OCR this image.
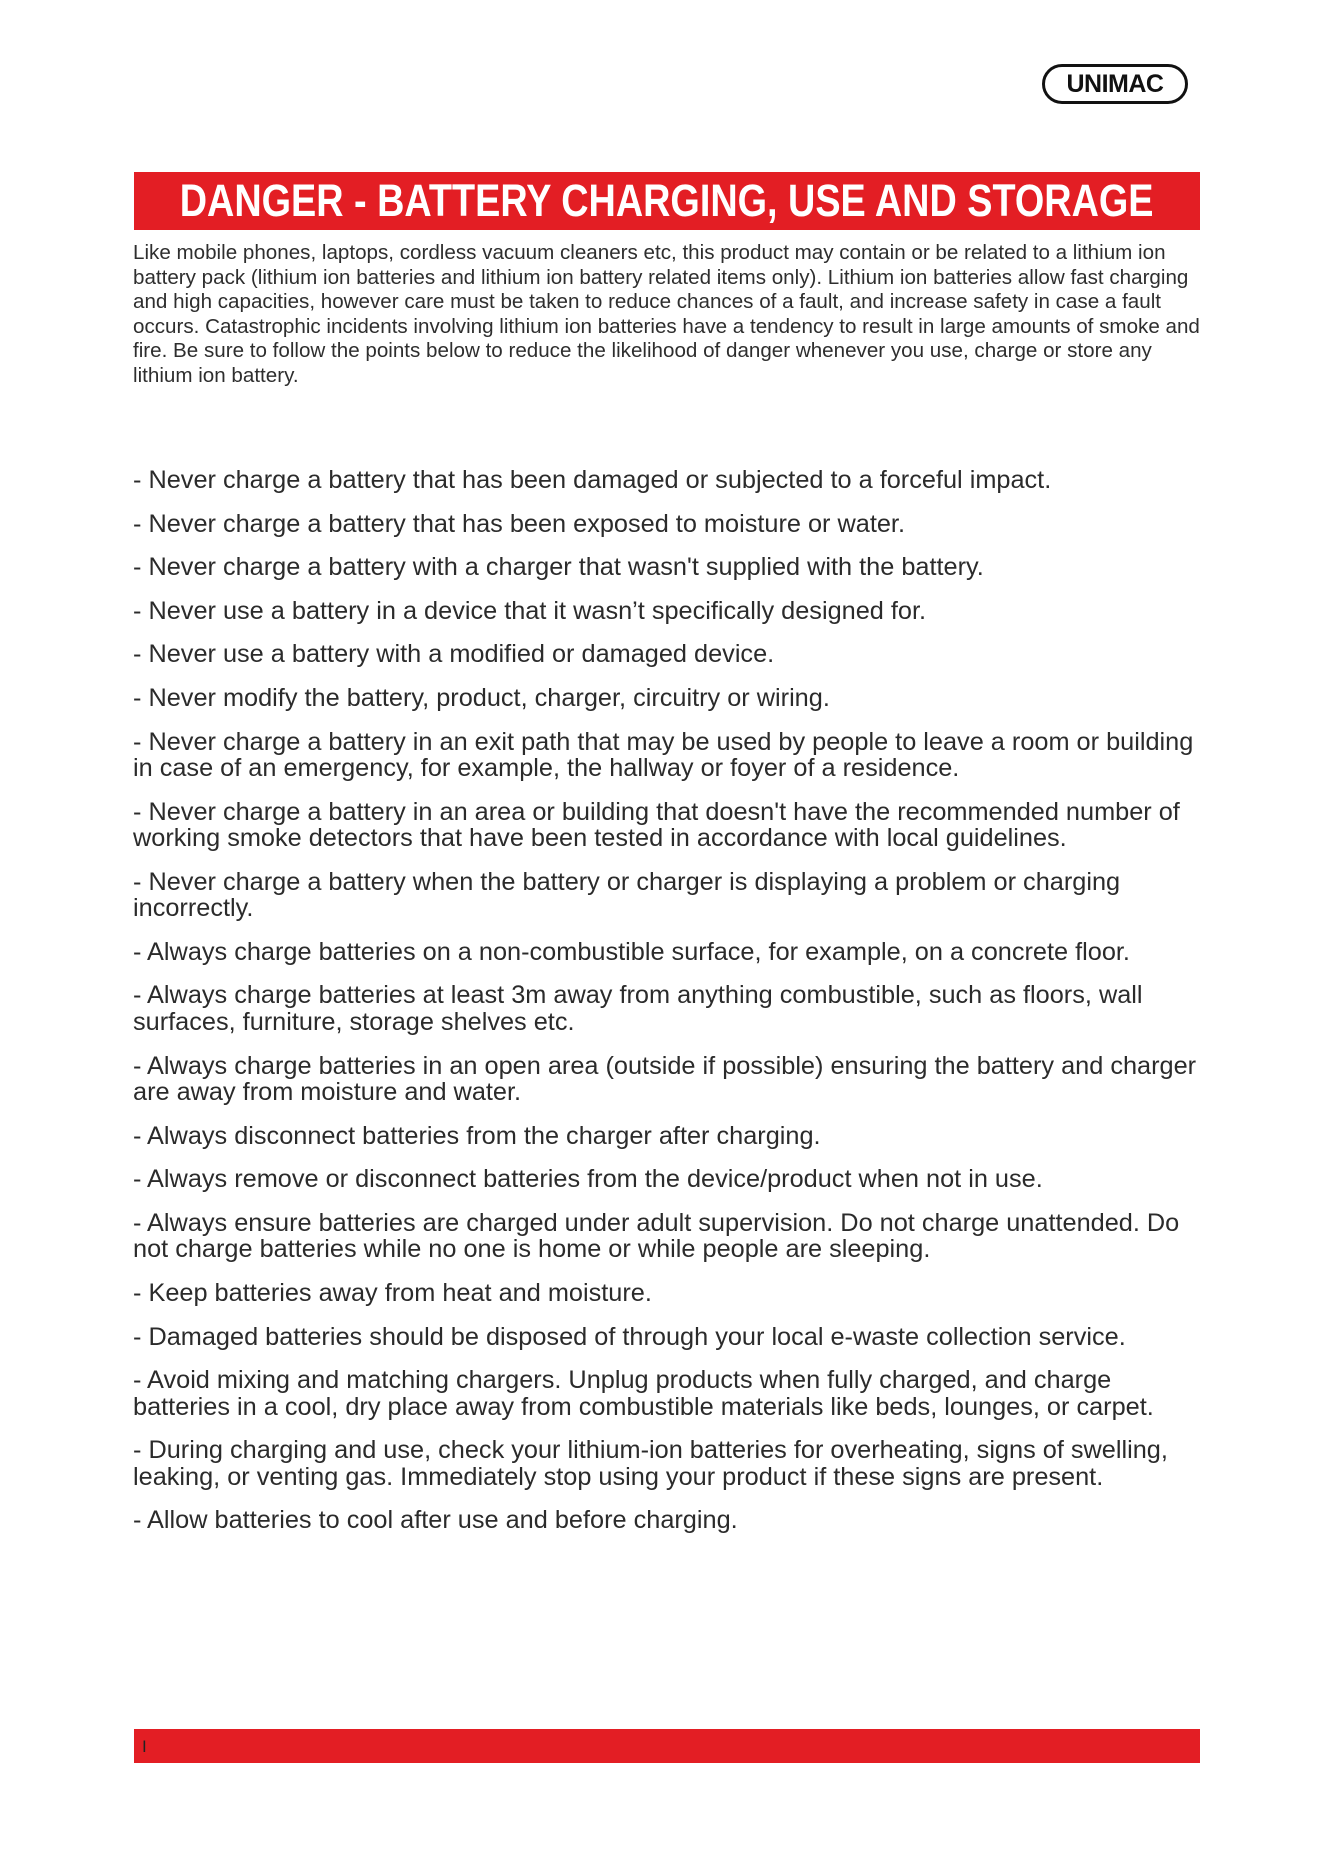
UNIMAC
DANGER - BATTERY CHARGING, USE AND STORAGE

Like mobile phones, laptops, cordless vacuum cleaners etc, this product may contain or be related to a lithium ion battery pack (lithium ion batteries and lithium ion battery related items only). Lithium ion batteries allow fast charging and high capacities, however care must be taken to reduce chances of a fault, and increase safety in case a fault occurs. Catastrophic incidents involving lithium ion batteries have a tendency to result in large amounts of smoke and fire. Be sure to follow the points below to reduce the likelihood of danger whenever you use, charge or store any lithium ion battery.

- Never charge a battery that has been damaged or subjected to a forceful impact.
- Never charge a battery that has been exposed to moisture or water.
- Never charge a battery with a charger that wasn't supplied with the battery.
- Never use a battery in a device that it wasn’t specifically designed for.
- Never use a battery with a modified or damaged device.
- Never modify the battery, product, charger, circuitry or wiring.
- Never charge a battery in an exit path that may be used by people to leave a room or building in case of an emergency, for example, the hallway or foyer of a residence.
- Never charge a battery in an area or building that doesn't have the recommended number of working smoke detectors that have been tested in accordance with local guidelines.
- Never charge a battery when the battery or charger is displaying a problem or charging incorrectly.
- Always charge batteries on a non-combustible surface, for example, on a concrete floor.
- Always charge batteries at least 3m away from anything combustible, such as floors, wall surfaces, furniture, storage shelves etc.
- Always charge batteries in an open area (outside if possible) ensuring the battery and charger are away from moisture and water.
- Always disconnect batteries from the charger after charging.
- Always remove or disconnect batteries from the device/product when not in use.
- Always ensure batteries are charged under adult supervision. Do not charge unattended. Do not charge batteries while no one is home or while people are sleeping.
- Keep batteries away from heat and moisture.
- Damaged batteries should be disposed of through your local e-waste collection service.
- Avoid mixing and matching chargers. Unplug products when fully charged, and charge batteries in a cool, dry place away from combustible materials like beds, lounges, or carpet.
- During charging and use, check your lithium-ion batteries for overheating, signs of swelling, leaking, or venting gas. Immediately stop using your product if these signs are present.
- Allow batteries to cool after use and before charging.
I
